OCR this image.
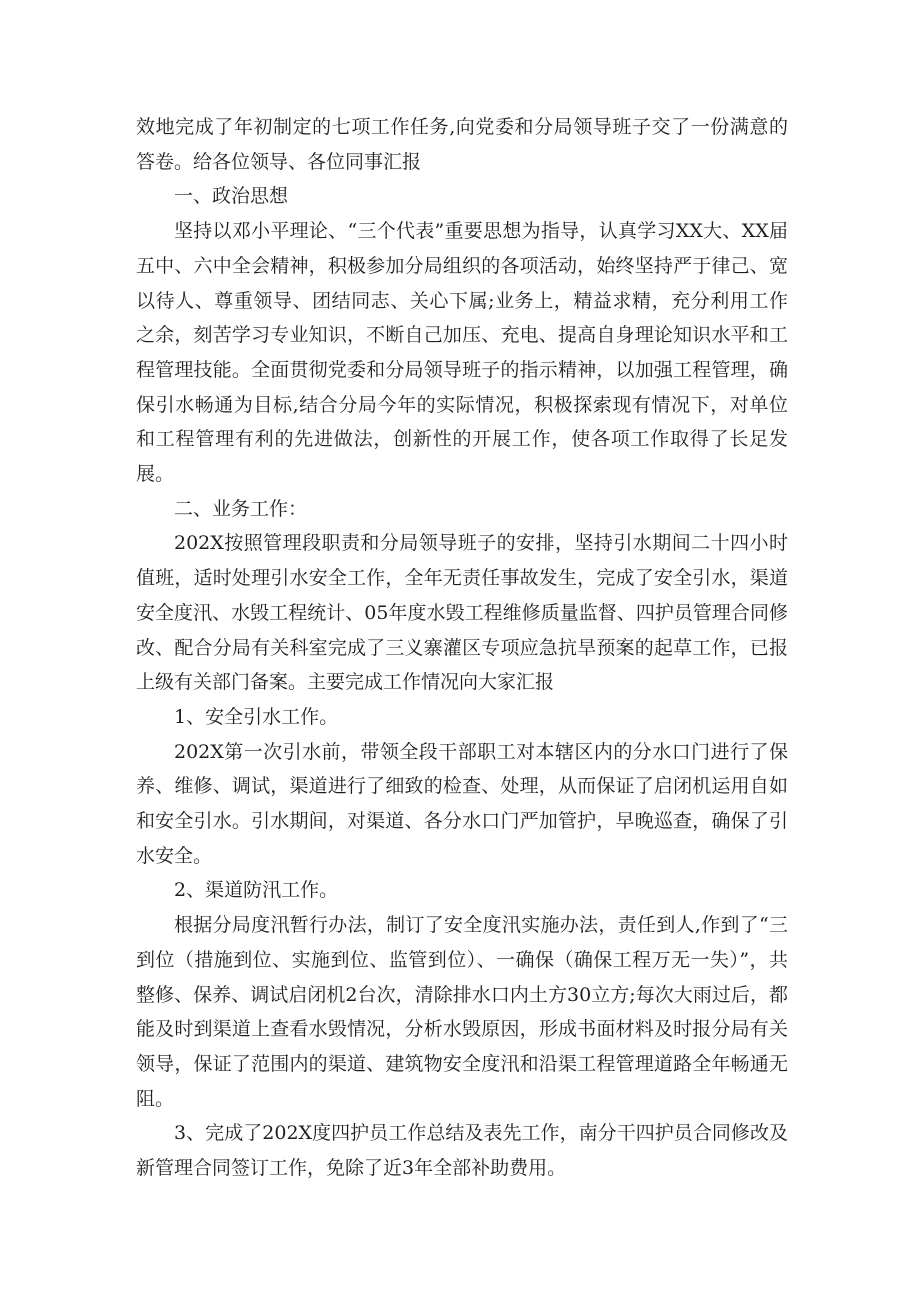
效地完成了年初制定的七项工作任务,向党委和分局领导班子交了一份满意的答卷。给各位领导、各位同事汇报

一、政治思想

坚持以邓小平理论、“三个代表”重要思想为指导，认真学习XX大、XX届五中、六中全会精神，积极参加分局组织的各项活动，始终坚持严于律己、宽以待人、尊重领导、团结同志、关心下属;业务上，精益求精，充分利用工作之余，刻苦学习专业知识，不断自己加压、充电、提高自身理论知识水平和工程管理技能。全面贯彻党委和分局领导班子的指示精神，以加强工程管理，确保引水畅通为目标,结合分局今年的实际情况，积极探索现有情况下，对单位和工程管理有利的先进做法，创新性的开展工作，使各项工作取得了长足发展。

二、业务工作：

202X按照管理段职责和分局领导班子的安排，坚持引水期间二十四小时值班，适时处理引水安全工作，全年无责任事故发生，完成了安全引水，渠道安全度汛、水毁工程统计、05年度水毁工程维修质量监督、四护员管理合同修改、配合分局有关科室完成了三义寨灌区专项应急抗旱预案的起草工作，已报上级有关部门备案。主要完成工作情况向大家汇报

1、安全引水工作。

202X第一次引水前，带领全段干部职工对本辖区内的分水口门进行了保养、维修、调试，渠道进行了细致的检查、处理，从而保证了启闭机运用自如和安全引水。引水期间，对渠道、各分水口门严加管护，早晚巡查，确保了引水安全。

2、渠道防汛工作。

根据分局度汛暂行办法，制订了安全度汛实施办法，责任到人,作到了“三到位（措施到位、实施到位、监管到位）、一确保（确保工程万无一失）”，共整修、保养、调试启闭机2台次，清除排水口内土方30立方;每次大雨过后，都能及时到渠道上查看水毁情况，分析水毁原因，形成书面材料及时报分局有关领导，保证了范围内的渠道、建筑物安全度汛和沿渠工程管理道路全年畅通无阻。

3、完成了202X度四护员工作总结及表先工作，南分干四护员合同修改及新管理合同签订工作，免除了近3年全部补助费用。
